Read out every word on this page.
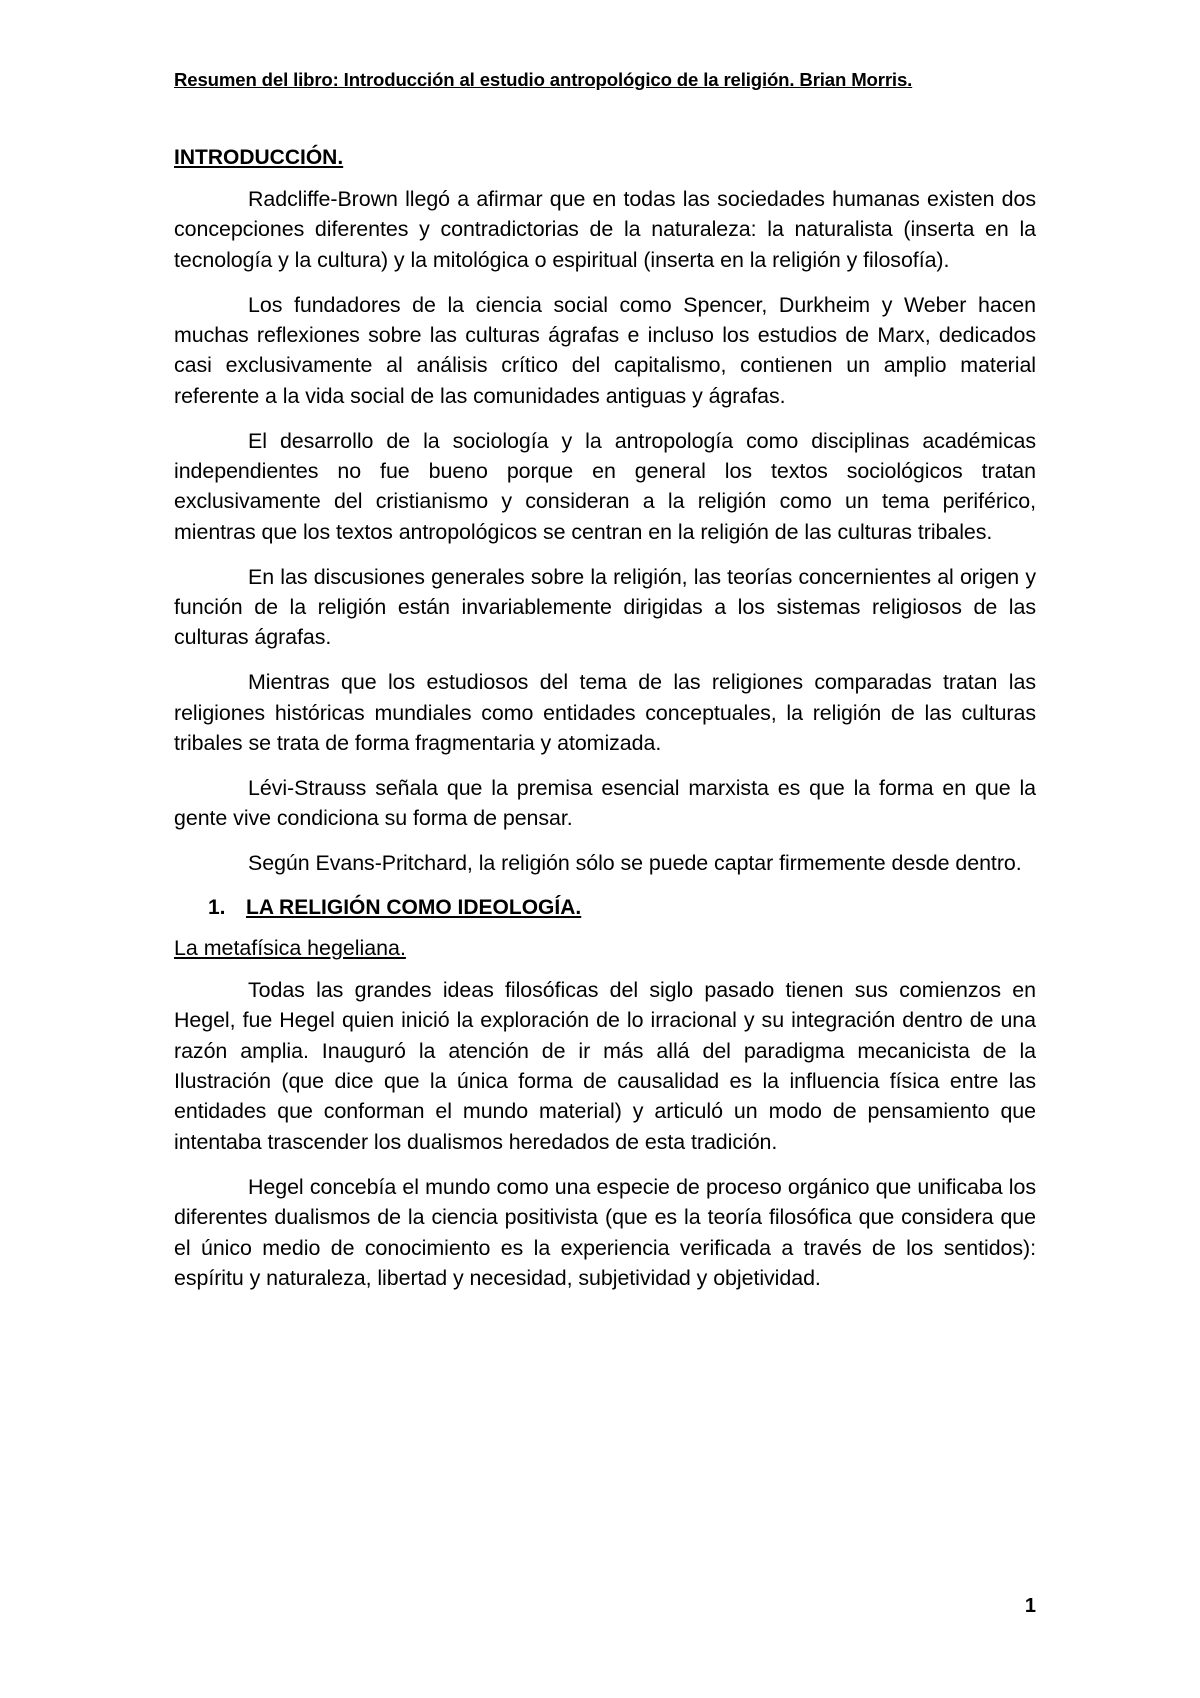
Resumen del libro: Introducción al estudio antropológico de la religión. Brian Morris.
INTRODUCCIÓN.

Radcliffe-Brown llegó a afirmar que en todas las sociedades humanas existen dos concepciones diferentes y contradictorias de la naturaleza: la naturalista (inserta en la tecnología y la cultura) y la mitológica o espiritual (inserta en la religión y filosofía).

Los fundadores de la ciencia social como Spencer, Durkheim y Weber hacen muchas reflexiones sobre las culturas ágrafas e incluso los estudios de Marx, dedicados casi exclusivamente al análisis crítico del capitalismo, contienen un amplio material referente a la vida social de las comunidades antiguas y ágrafas.

El desarrollo de la sociología y la antropología como disciplinas académicas independientes no fue bueno porque en general los textos sociológicos tratan exclusivamente del cristianismo y consideran a la religión como un tema periférico, mientras que los textos antropológicos se centran en la religión de las culturas tribales.

En las discusiones generales sobre la religión, las teorías concernientes al origen y función de la religión están invariablemente dirigidas a los sistemas religiosos de las culturas ágrafas.

Mientras que los estudiosos del tema de las religiones comparadas tratan las religiones históricas mundiales como entidades conceptuales, la religión de las culturas tribales se trata de forma fragmentaria y atomizada.

Lévi-Strauss señala que la premisa esencial marxista es que la forma en que la gente vive condiciona su forma de pensar.

Según Evans-Pritchard, la religión sólo se puede captar firmemente desde dentro.

1. LA RELIGIÓN COMO IDEOLOGÍA.
La metafísica hegeliana.

Todas las grandes ideas filosóficas del siglo pasado tienen sus comienzos en Hegel, fue Hegel quien inició la exploración de lo irracional y su integración dentro de una razón amplia. Inauguró la atención de ir más allá del paradigma mecanicista de la Ilustración (que dice que la única forma de causalidad es la influencia física entre las entidades que conforman el mundo material) y articuló un modo de pensamiento que intentaba trascender los dualismos heredados de esta tradición.

Hegel concebía el mundo como una especie de proceso orgánico que unificaba los diferentes dualismos de la ciencia positivista (que es la teoría filosófica que considera que el único medio de conocimiento es la experiencia verificada a través de los sentidos): espíritu y naturaleza, libertad y necesidad, subjetividad y objetividad.

1
